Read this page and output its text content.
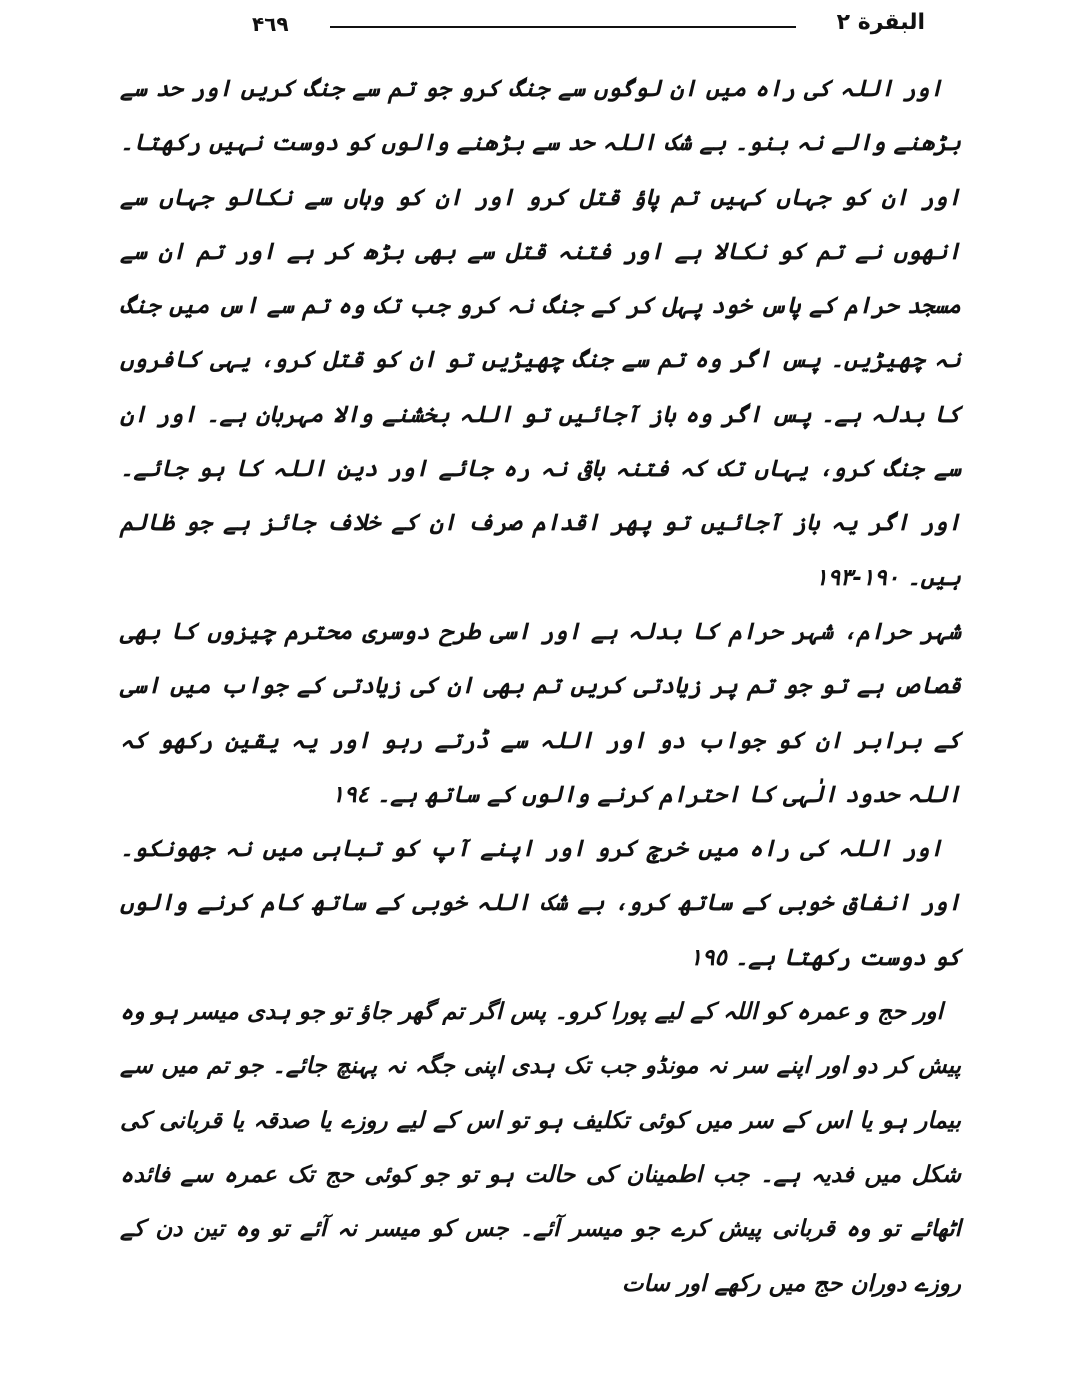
۴٦٩	البقرة ٢

اور اللہ کی راہ میں ان لوگوں سے جنگ کرو جو تم سے جنگ کریں اور حد سے بڑھنے والے نہ بنو۔ بے شک اللہ حد سے بڑھنے والوں کو دوست نہیں رکھتا۔ اور ان کو جہاں کہیں تم پاؤ قتل کرو اور ان کو وہاں سے نکالو جہاں سے انھوں نے تم کو نکالا ہے اور فتنہ قتل سے بھی بڑھ کر ہے اور تم ان سے مسجد حرام کے پاس خود پہل کر کے جنگ نہ کرو جب تک وہ تم سے اس میں جنگ نہ چھیڑیں۔ پس اگر وہ تم سے جنگ چھیڑیں تو ان کو قتل کرو، یہی کافروں کا بدلہ ہے۔ پس اگر وہ باز آجائیں تو اللہ بخشنے والا مہربان ہے۔ اور ان سے جنگ کرو، یہاں تک کہ فتنہ باقی نہ رہ جائے اور دین اللہ کا ہو جائے۔ اور اگر یہ باز آجائیں تو پھر اقدام صرف ان کے خلاف جائز ہے جو ظالم ہیں۔ ١٩٠-١٩٣

شہر حرام، شہر حرام کا بدلہ ہے اور اسی طرح دوسری محترم چیزوں کا بھی قصاص ہے تو جو تم پر زیادتی کریں تم بھی ان کی زیادتی کے جواب میں اسی کے برابر ان کو جواب دو اور اللہ سے ڈرتے رہو اور یہ یقین رکھو کہ اللہ حدود الٰہی کا احترام کرنے والوں کے ساتھ ہے۔ ١٩٤

اور اللہ کی راہ میں خرچ کرو اور اپنے آپ کو تباہی میں نہ جھونکو۔ اور انفاق خوبی کے ساتھ کرو، بے شک اللہ خوبی کے ساتھ کام کرنے والوں کو دوست رکھتا ہے۔ ١٩٥

اور حج و عمرہ کو اللہ کے لیے پورا کرو۔ پس اگر تم گھر جاؤ تو جو ہدی میسر ہو وہ پیش کر دو اور اپنے سر نہ مونڈو جب تک ہدی اپنی جگہ نہ پہنچ جائے۔ جو تم میں سے بیمار ہو یا اس کے سر میں کوئی تکلیف ہو تو اس کے لیے روزے یا صدقہ یا قربانی کی شکل میں فدیہ ہے۔ جب اطمینان کی حالت ہو تو جو کوئی حج تک عمرہ سے فائدہ اٹھائے تو وہ قربانی پیش کرے جو میسر آئے۔ جس کو میسر نہ آئے تو وہ تین دن کے روزے دوران حج میں رکھے اور سات
